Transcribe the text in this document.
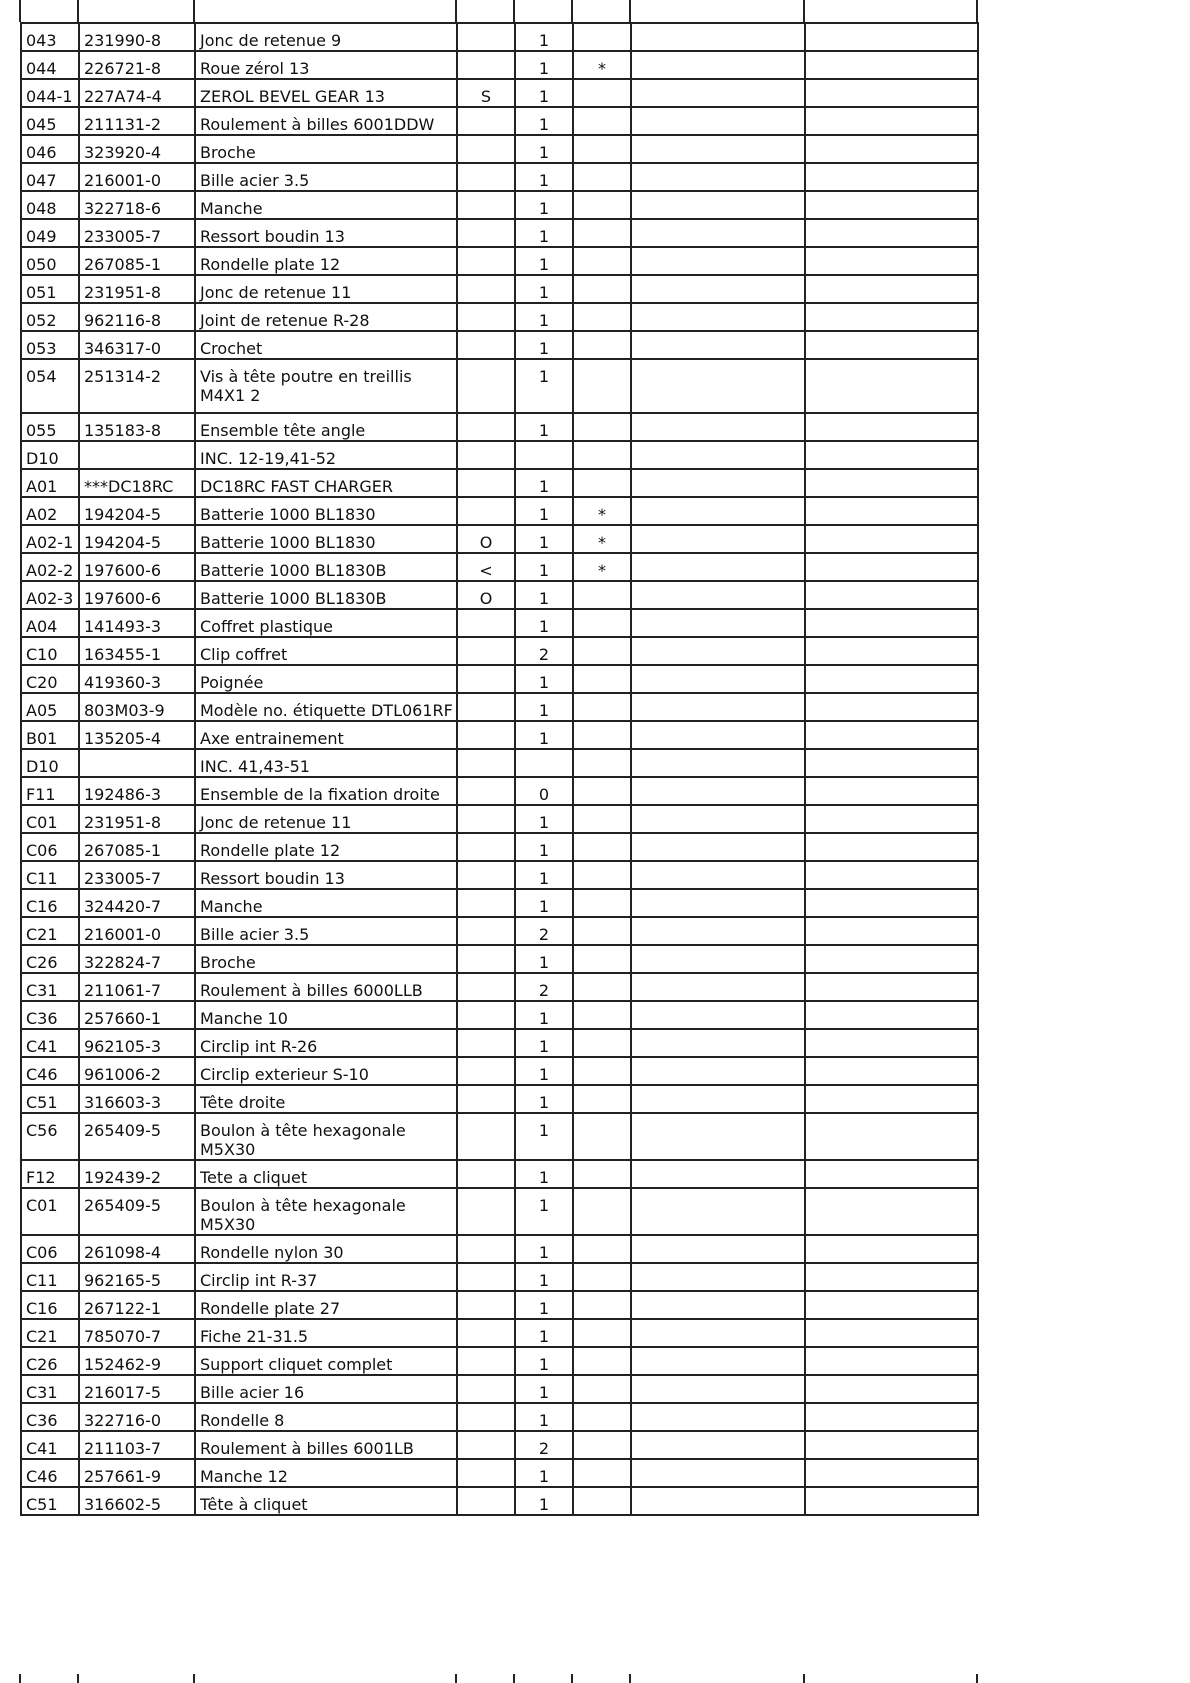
043	231990-8	Jonc de retenue 9		1			
044	226721-8	Roue zérol 13		1	*		
044-1	227A74-4	ZEROL BEVEL GEAR 13	S	1			
045	211131-2	Roulement à billes 6001DDW		1			
046	323920-4	Broche		1			
047	216001-0	Bille acier 3.5		1			
048	322718-6	Manche		1			
049	233005-7	Ressort boudin 13		1			
050	267085-1	Rondelle plate 12		1			
051	231951-8	Jonc de retenue 11		1			
052	962116-8	Joint de retenue R-28		1			
053	346317-0	Crochet		1			
054	251314-2	Vis à tête poutre en treillis M4X1 2		1			
055	135183-8	Ensemble tête angle		1			
D10		INC. 12-19,41-52					
A01	***DC18RC	DC18RC FAST CHARGER		1			
A02	194204-5	Batterie 1000 BL1830		1	*		
A02-1	194204-5	Batterie 1000 BL1830	O	1	*		
A02-2	197600-6	Batterie 1000 BL1830B	<	1	*		
A02-3	197600-6	Batterie 1000 BL1830B	O	1			
A04	141493-3	Coffret plastique		1			
C10	163455-1	Clip coffret		2			
C20	419360-3	Poignée		1			
A05	803M03-9	Modèle no. étiquette DTL061RF		1			
B01	135205-4	Axe entrainement		1			
D10		INC. 41,43-51					
F11	192486-3	Ensemble de la fixation droite		0			
C01	231951-8	Jonc de retenue 11		1			
C06	267085-1	Rondelle plate 12		1			
C11	233005-7	Ressort boudin 13		1			
C16	324420-7	Manche		1			
C21	216001-0	Bille acier 3.5		2			
C26	322824-7	Broche		1			
C31	211061-7	Roulement à billes 6000LLB		2			
C36	257660-1	Manche 10		1			
C41	962105-3	Circlip int R-26		1			
C46	961006-2	Circlip exterieur S-10		1			
C51	316603-3	Tête droite		1			
C56	265409-5	Boulon à tête hexagonale M5X30		1			
F12	192439-2	Tete a cliquet		1			
C01	265409-5	Boulon à tête hexagonale M5X30		1			
C06	261098-4	Rondelle nylon 30		1			
C11	962165-5	Circlip int R-37		1			
C16	267122-1	Rondelle plate 27		1			
C21	785070-7	Fiche 21-31.5		1			
C26	152462-9	Support cliquet complet		1			
C31	216017-5	Bille acier 16		1			
C36	322716-0	Rondelle 8		1			
C41	211103-7	Roulement à billes 6001LB		2			
C46	257661-9	Manche 12		1			
C51	316602-5	Tête à cliquet		1			
